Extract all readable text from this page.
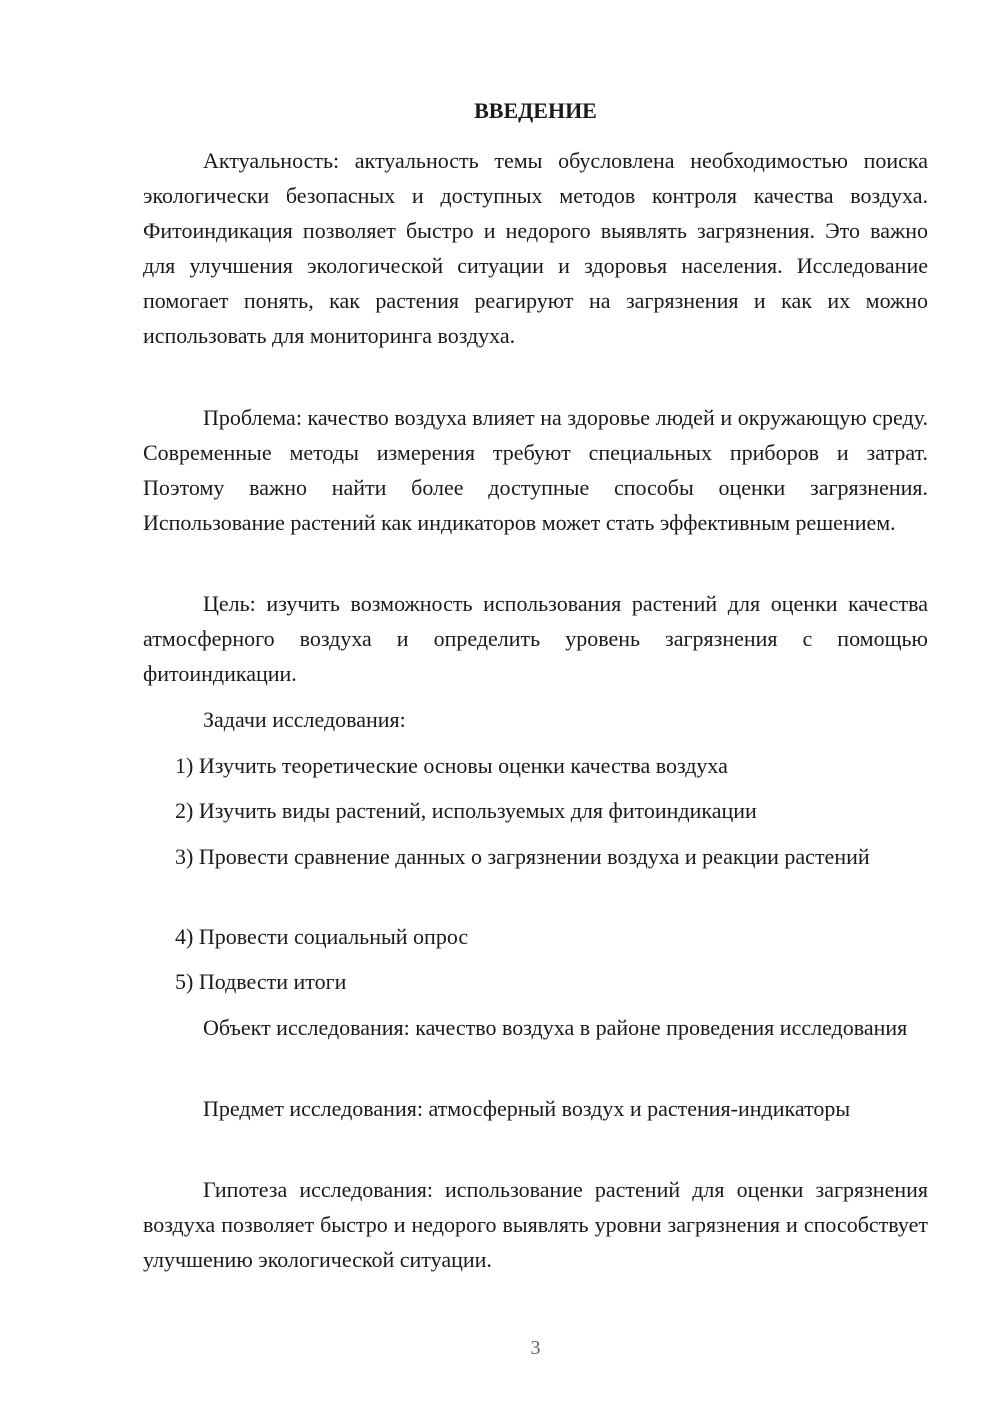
ВВЕДЕНИЕ

Актуальность: актуальность темы обусловлена необходимостью поиска экологически безопасных и доступных методов контроля качества воздуха. Фитоиндикация позволяет быстро и недорого выявлять загрязнения. Это важно для улучшения экологической ситуации и здоровья населения. Исследование помогает понять, как растения реагируют на загрязнения и как их можно использовать для мониторинга воздуха.

Проблема: качество воздуха влияет на здоровье людей и окружающую среду. Современные методы измерения требуют специальных приборов и затрат. Поэтому важно найти более доступные способы оценки загрязнения. Использование растений как индикаторов может стать эффективным решением.

Цель: изучить возможность использования растений для оценки качества атмосферного воздуха и определить уровень загрязнения с помощью фитоиндикации.

Задачи исследования:

1) Изучить теоретические основы оценки качества воздуха

2) Изучить виды растений, используемых для фитоиндикации

3) Провести сравнение данных о загрязнении воздуха и реакции растений

4) Провести социальный опрос

5) Подвести итоги

Объект исследования: качество воздуха в районе проведения исследования

Предмет исследования: атмосферный воздух и растения-индикаторы

Гипотеза исследования: использование растений для оценки загрязнения воздуха позволяет быстро и недорого выявлять уровни загрязнения и способствует улучшению экологической ситуации.

3
